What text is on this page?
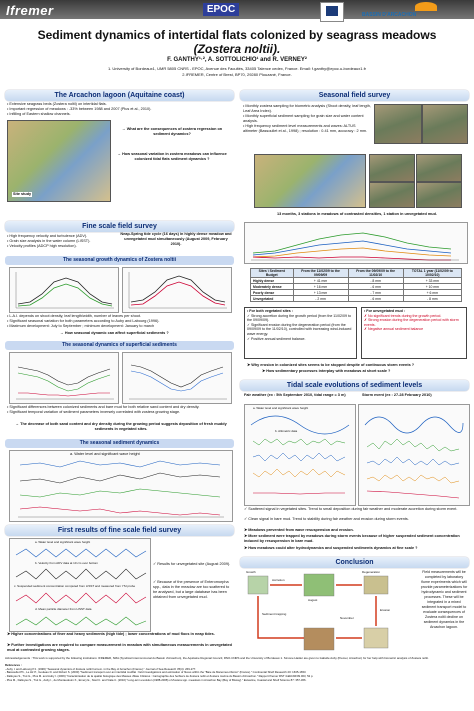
Ifremer	EPOC	BASSIN D'ARCACHON
Sediment dynamics of intertidal flats colonized by seagrass meadows
(Zostera noltii).
F. GANTHY¹·², A. SOTTOLICHIO¹ and R. VERNEY²
1. University of Bordeaux1, UMR 5805 CNRS - EPOC, Avenue des Facultés, 33405 Talence cedex, France. Email: f.ganthy@epoc.u-bordeaux1.fr
2.IFREMER, Centre of Brest, BP70, 29280 Plouzané, France.
The Arcachon lagoon (Aquitaine coast)

• Extensive seagrass beds (Zostera noltii) on intertidal flats.

• Important regression of meadows : -33% between 1988 and 2007 (Plus et al., 2010).

• Infilling of Eastern shallow channels.

Site study
→ What are the consequences of zostera regression on sediment dynamics?
→ How seasonal variation in zostera meadows can influence colonized tidal flats sediment dynamics ?
Fine scale field survey

• High frequency velocity and turbulence (ADV).

• Grain size analysis in the water column (LISST).

• Velocity profiles (ADCP high resolution).

Neap-Spring tide cycle (16 days) in highly dense meadow and unvegetated mud simultaneously (August 2009, February 2010).
The seasonal growth dynamics of Zostera noltii

• L.A.I. depends on shoot density, leaf length/width, number of leaves per shoot.

• Significant seasonal variation for both parameters according to Auby and Labourg (1996).

• Maximum development: July to September ; minimum development: January to march

→ How seasonal dynamic can affect superficial sediments ?
The seasonal dynamics of superficial sediments

• Significant differences between colonized sediments and bare mud for both relative sand content and dry density.

• Significant temporal variation of sediment parameters inversely correlated with zostera growing stage.

→ The decrease of both sand content and dry density during the growing period suggests deposition of fresh muddy sediments in vegetated sites.
The seasonal sediment dynamics
a. Water level and significant wave height
First results of fine scale field survey
a. Water level and significant wave height
b. Velocity from ADV data at 10 cm over bottom
c. Suspended sediment concentration computed from LISST and measured from YSI probe
d. Mean particle diameter from LISST data
✓ Results for unvegetated site (August 2009).
✓ Because of the presence of Enteromorpha spp., data in the meadow are too scattered to be analysed, but a large database has been obtained from unvegetated mud.
➤ Higher concentrations of finer and heavy sediments (high tide) ; lower concentrations of mud flocs in neap tides.
➤ Further investigations are required to compare measurement in meadow with simultaneous measurements in unvegetated mud at contrasted growing stages.
Seasonal field survey

• Monthly zostera sampling for biometric analysis (Shoot density, leaf length, Leaf Area Index).

• Monthly superficial sediment sampling for grain size and water content analysis.

• High frequency sediment level measurements and waves: ALTUS altimeter (Bassoullet et al., 1998) ; resolution : 0.41 mm, accuracy : 2 mm.

13 months, 3 stations in meadows of contrasted densities, 1 station in unvegetated mud.
Sites \ Sediment Budget	From the 11/02/09 to the 09/09/09	From the 09/09/09 to the 11/02/10	TOTAL 1 year (11/02/09 to 10/02/10)
Highly dense	+ 41 mm	- 8 mm	+ 33 mm
Moderately dense	+ 16 mm	- 6 mm	+ 10 mm
Poorly dense	+ 13 mm	- 7 mm	+ 6 mm
Unvegetated	- 2 mm	- 6 mm	- 8 mm
• For both vegetated sites :
✓ Strong accretion during the growth period (from the 11/02/09 to the 09/09/09).
✓ Significant erosion during the degeneration period (from the 09/09/09 to the 11/02/10), controlled with increasing wind-induced wave energy.
✓ Positive annual sediment balance.
• For unvegetated mud :
✗ No significant trends during the growth period.
✗ Strong erosion during the degeneration period with storm events.
✗ Negative annual sediment balance
➤ Why erosion in colonized sites seems to be stopped despite of continuous storm events ?
➤ How sedimentary processes interplay with meadows at short scale ?
Tidal scale evolutions of sediment levels
Fair weather (ex : 5th September 2010, tidal range = 3 m)	Storm event (ex : 27-28 February 2010)
a. Water level and significant wave height
b. Altimetric data
✓ Scattered signal in vegetated sites. Trend to small deposition during fair weather and moderate accretion during storm event.
✓ Clean signal in bare mud. Trend to stability during fair weather and erosion during storm events.
➤ Meadows prevented from wave resuspension and erosion.
➤ More sediment were trapped by meadows during storm events because of higher suspended sediment concentration induced by resuspension in bare mud.
➤ How meadows could alter hydrodynamics and suspended sediments dynamics at fine scale ?
Conclusion
Growth
Accretion
Degeneration
Erosion
August
November
Sediment trapping
Field measurements will be completed by laboratory flume experiments which will provide parameterizations for hydrodynamic and sediment processes. These will be integrated in a mixed sediment transport model to evaluate consequences of Zostera noltii decline on sediment dynamics in the Arcachon lagoon.
Acknowledgements : This work is supported by the following institutions: IFREMER, SMA (Syndicat Intercommunal du Bassin d'Arcachon), the Aquitaine Regional Council, RNO-CNRS and the University of Bordeaux 1. Simone Haider are given to Isabelle Auby (Ifremer, Arcachon) for her help with biometric analysis of Zostera noltii.
References :
- Auby I. and Labourg P.J. (1996) "Seasonal dynamics of Zostera noltii hornem. in the Bay of Arcachon (France)." Journal of Sea Research 35(4): 269-277.
- Bassoullet Ph., Le Hir P., Gouleau D. and Robert S. (2000) "Sediment transport over an intertidal mudflat : field investigations and estimation of fluxes within the "Baie de Marennes-Oléron" (France)." Continental Shelf Research 20: 1635-1653.
- Dalloyau S., Trut G., Plus M. and Auby I. (2009) "Caractérisation de la qualité biologique des Masses d'Eau Côtières : Cartographie des herbiers de Zostera noltii et Zostera marina du Bassin d'Arcachon." Rapport Ifremer RST /LER/AR/09.003, 52 p.
- Plus M., Dalloyau S., Trut G., Auby I., de Montaudouin X., Emery E., Noël C. and Viala C. (2010) "Long-term evolution (1988-2008) of Zostera spp. meadows in Arcachon Bay (Bay of Biscay)." Estuarine, Coastal and Shelf Science 87: 357-366.
